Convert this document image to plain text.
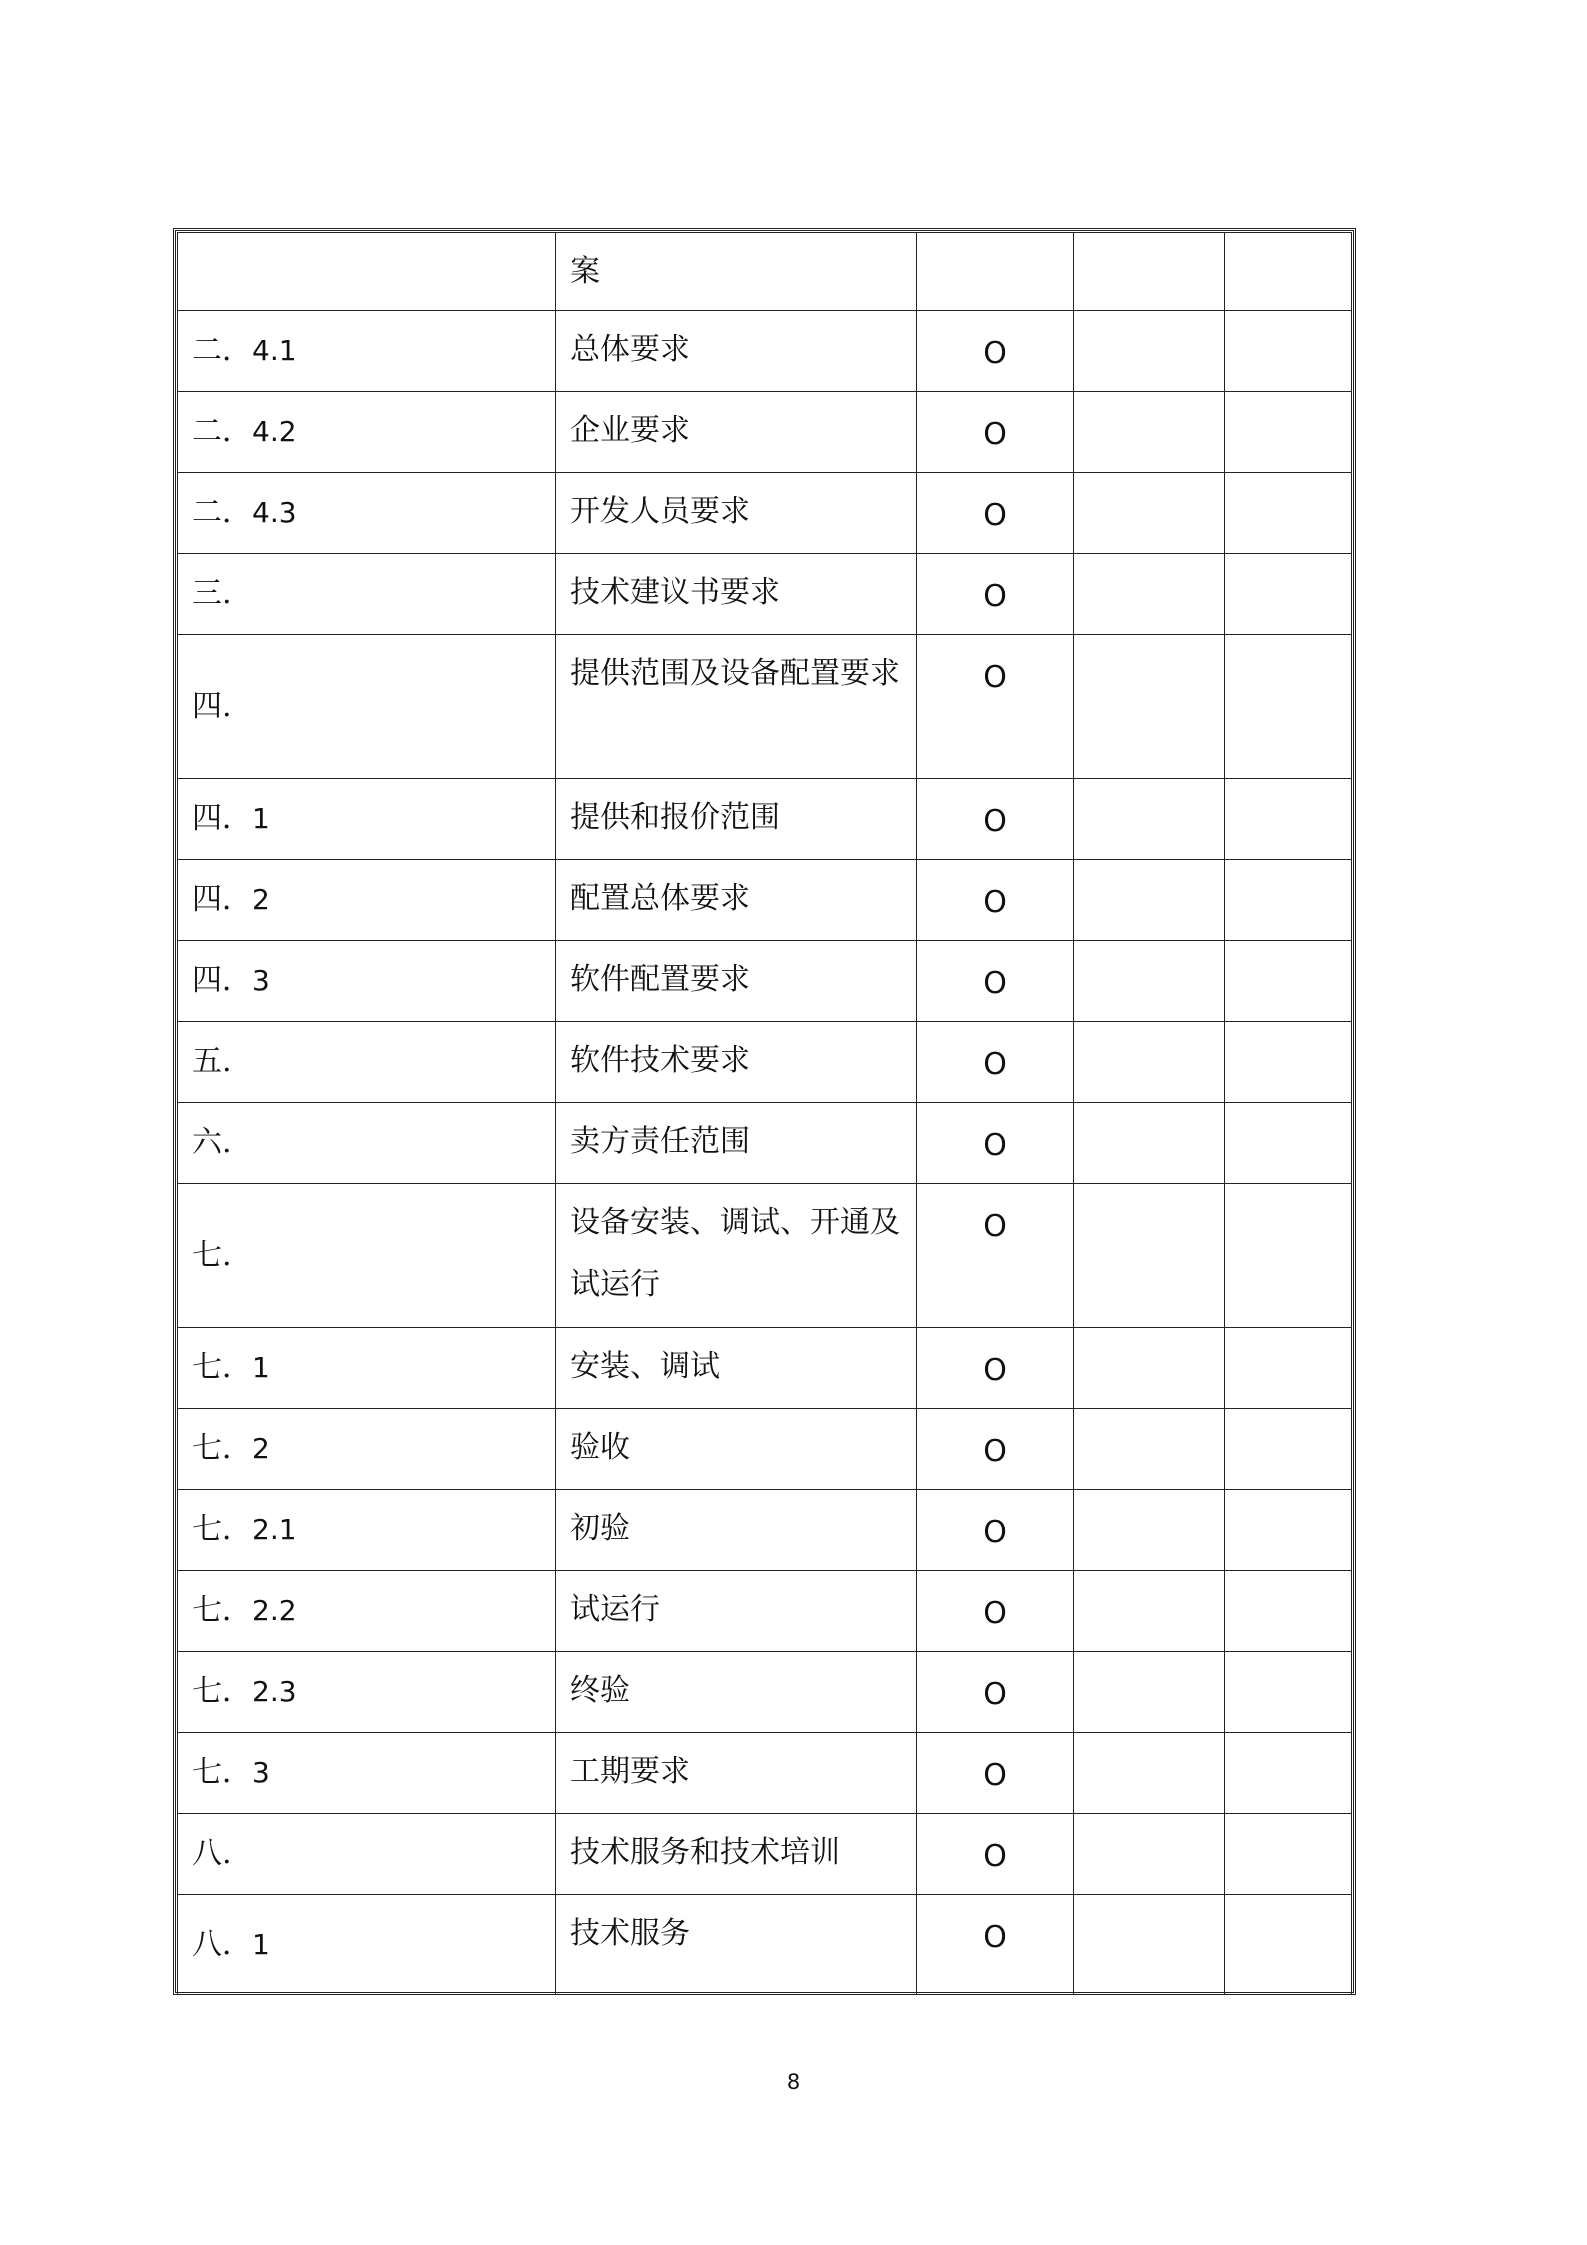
	案			

二．4.1	总体要求	O		
二．4.2	企业要求	O		
二．4.3	开发人员要求	O		
三.	技术建议书要求	O		
四.	提供范围及设备配置要求	O		
四．1	提供和报价范围	O		
四．2	配置总体要求	O		
四．3	软件配置要求	O		
五.	软件技术要求	O		
六.	卖方责任范围	O		
七.	设备安装、调试、开通及试运行	O		
七．1	安装、调试	O		
七．2	验收	O		
七．2.1	初验	O		
七．2.2	试运行	O		
七．2.3	终验	O		
七．3	工期要求	O		
八.	技术服务和技术培训	O		
八．1	技术服务	O		
8
